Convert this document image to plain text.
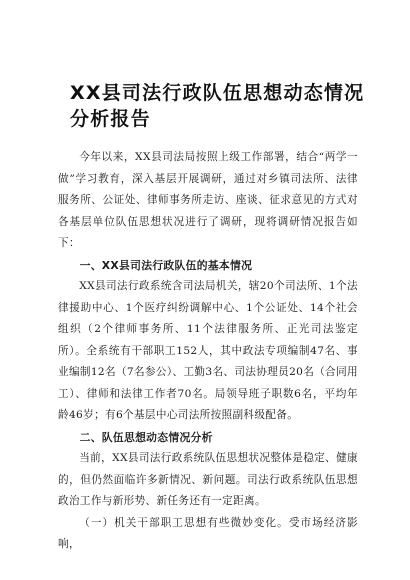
XX县司法行政队伍思想动态情况分析报告

今年以来，XX县司法局按照上级工作部署，结合“两学一做”学习教育，深入基层开展调研，通过对乡镇司法所、法律服务所、公证处、律师事务所走访、座谈、征求意见的方式对各基层单位队伍思想状况进行了调研，现将调研情况报告如下：

一、XX县司法行政队伍的基本情况

XX县司法行政系统含司法局机关，辖20个司法所、1个法律援助中心、1个医疗纠纷调解中心、1个公证处、14个社会组织（2个律师事务所、11个法律服务所、正光司法鉴定所）。全系统有干部职工152人，其中政法专项编制47名、事业编制12名（7名参公）、工勤3名、司法协理员20名（合同用工）、律师和法律工作者70名。局领导班子职数6名，平均年龄46岁；有6个基层中心司法所按照副科级配备。

二、队伍思想动态情况分析

当前，XX县司法行政系统队伍思想状况整体是稳定、健康的，但仍然面临许多新情况、新问题。司法行政系统队伍思想政治工作与新形势、新任务还有一定距离。

（一）机关干部职工思想有些微妙变化。受市场经济影响，
